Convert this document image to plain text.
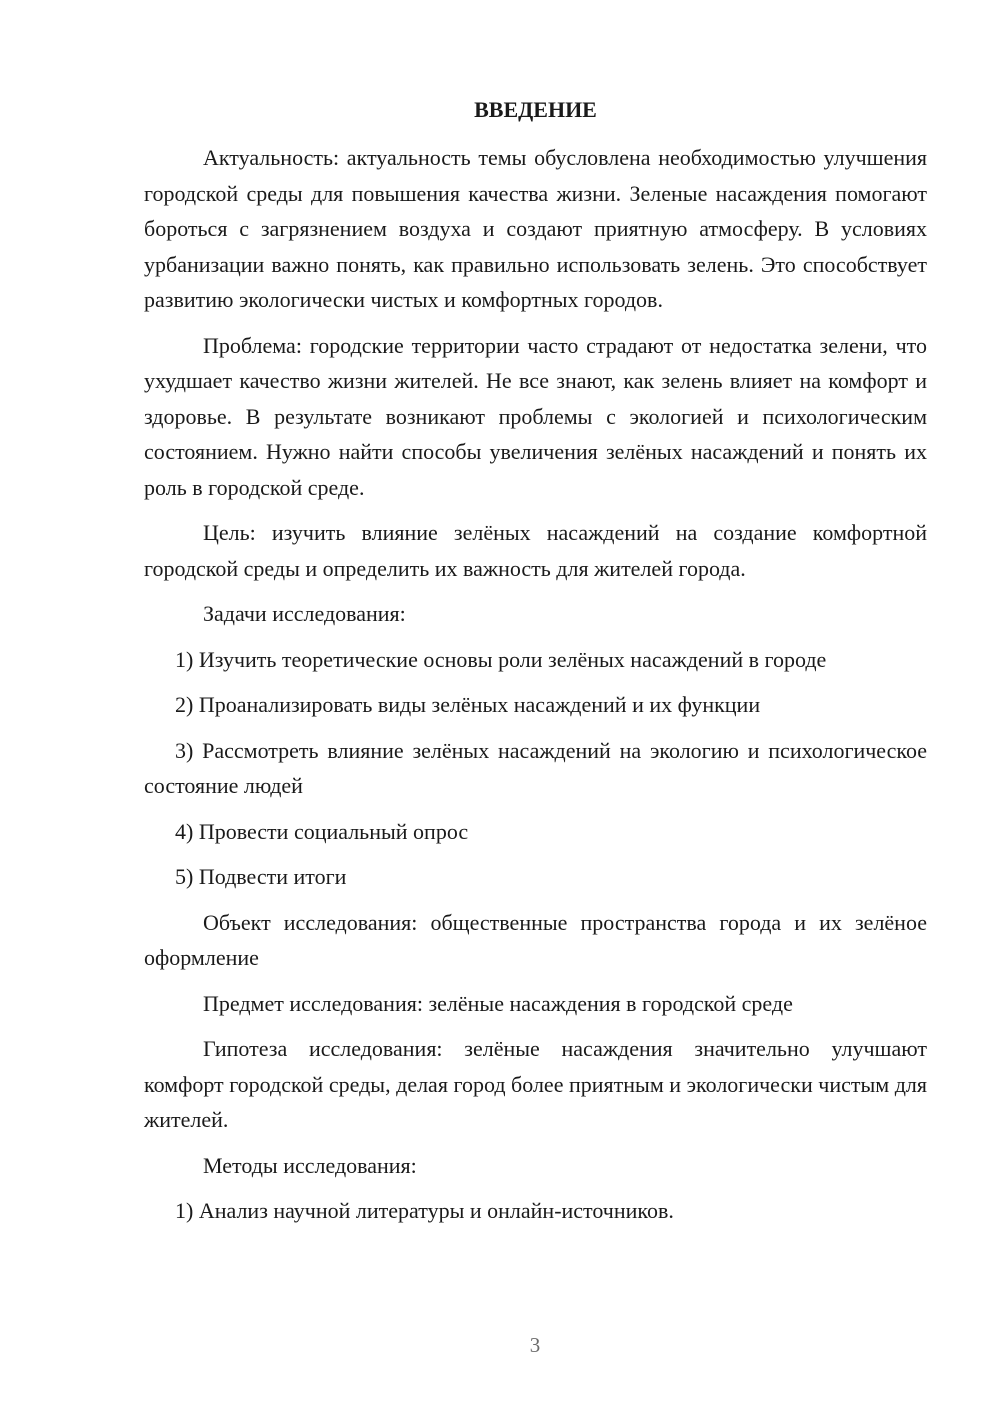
ВВЕДЕНИЕ

Актуальность: актуальность темы обусловлена необходимостью улучшения городской среды для повышения качества жизни. Зеленые насаждения помогают бороться с загрязнением воздуха и создают приятную атмосферу. В условиях урбанизации важно понять, как правильно использовать зелень. Это способствует развитию экологически чистых и комфортных городов.

Проблема: городские территории часто страдают от недостатка зелени, что ухудшает качество жизни жителей. Не все знают, как зелень влияет на комфорт и здоровье. В результате возникают проблемы с экологией и психологическим состоянием. Нужно найти способы увеличения зелёных насаждений и понять их роль в городской среде.

Цель: изучить влияние зелёных насаждений на создание комфортной городской среды и определить их важность для жителей города.

Задачи исследования:

1) Изучить теоретические основы роли зелёных насаждений в городе

2) Проанализировать виды зелёных насаждений и их функции

3) Рассмотреть влияние зелёных насаждений на экологию и психологическое состояние людей

4) Провести социальный опрос

5) Подвести итоги

Объект исследования: общественные пространства города и их зелёное оформление

Предмет исследования: зелёные насаждения в городской среде

Гипотеза исследования: зелёные насаждения значительно улучшают комфорт городской среды, делая город более приятным и экологически чистым для жителей.

Методы исследования:

1) Анализ научной литературы и онлайн-источников.

3
